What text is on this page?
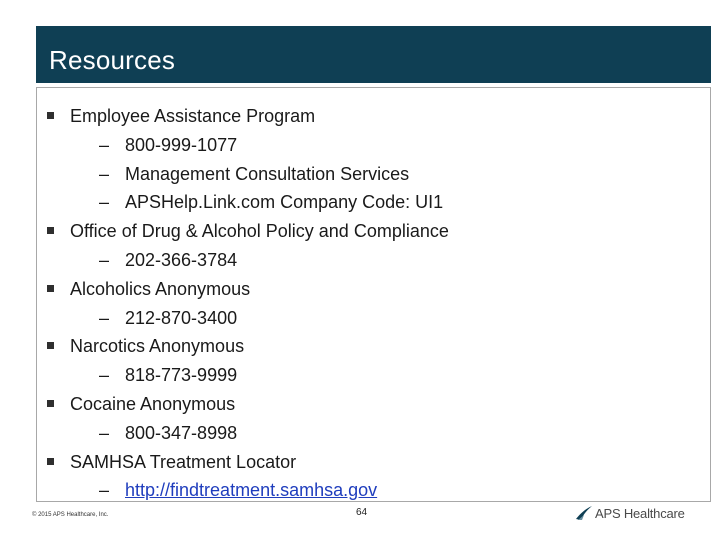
Resources
Employee Assistance Program
– 800-999-1077
– Management Consultation Services
– APSHelp.Link.com Company Code: UI1
Office of Drug & Alcohol Policy and Compliance
– 202-366-3784
Alcoholics Anonymous
– 212-870-3400
Narcotics Anonymous
– 818-773-9999
Cocaine Anonymous
– 800-347-8998
SAMHSA Treatment Locator
– http://findtreatment.samhsa.gov
© 2015 APS Healthcare, Inc.	64	APS Healthcare
